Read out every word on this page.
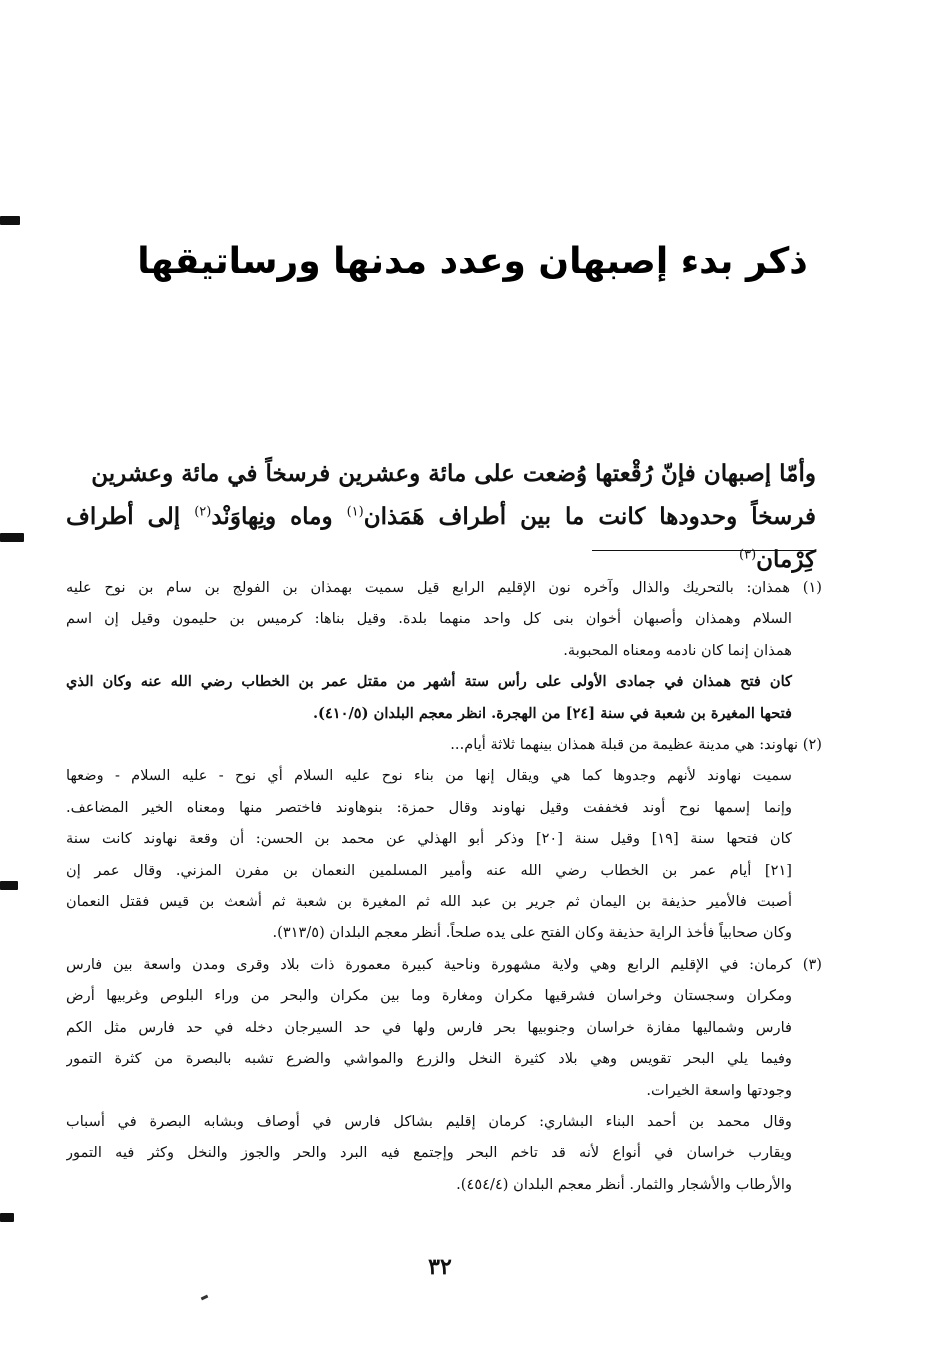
ذكر بدء إصبهان وعدد مدنها ورساتيقها
وأمّا إصبهان فإنّ رُقْعتها وُضعت على مائة وعشرين فرسخاً في مائة وعشرين
فرسخاً وحدودها كانت ما بين أطراف هَمَذان$^{(١)}$ وماه ونِهاوَنْد$^{(٢)}$ إلى أطراف كِرْمان$^{(٣)}$
(١) همذان: بالتحريك والذال وآخره نون الإقليم الرابع قيل سميت بهمذان بن الفولج بن سام بن نوح عليه
السلام وهمذان وأصبهان أخوان بنى كل واحد منهما بلدة. وقيل بناها: كرميس بن حليمون وقيل إن اسم
همذان إنما كان نادمه ومعناه المحبوبة.
كان فتح همذان في جمادى الأولى على رأس ستة أشهر من مقتل عمر بن الخطاب رضي الله عنه وكان الذي
فتحها المغيرة بن شعبة في سنة [٢٤] من الهجرة. انظر معجم البلدان (٤١٠/٥).
(٢) نهاوند: هي مدينة عظيمة من قبلة همذان بينهما ثلاثة أيام...
سميت نهاوند لأنهم وجدوها كما هي ويقال إنها من بناء نوح عليه السلام أي نوح - عليه السلام - وضعها
وإنما إسمها نوح أوند فخففت وقيل نهاوند وقال حمزة: بنوهاوند فاختصر منها ومعناه الخير المضاعف.
كان فتحها سنة [١٩] وقيل سنة [٢٠] وذكر أبو الهذلي عن محمد بن الحسن: أن وقعة نهاوند كانت سنة
[٢١] أيام عمر بن الخطاب رضي الله عنه وأمير المسلمين النعمان بن مفرن المزني. وقال عمر إن
أصبت فالأمير حذيفة بن اليمان ثم جرير بن عبد الله ثم المغيرة بن شعبة ثم أشعث بن قيس فقتل النعمان
وكان صحابياً فأخذ الراية حذيفة وكان الفتح على يده صلحاً. أنظر معجم البلدان (٣١٣/٥).
(٣) كرمان: في الإقليم الرابع وهي ولاية مشهورة وناحية كبيرة معمورة ذات بلاد وقرى ومدن واسعة بين فارس
ومكران وسجستان وخراسان فشرقيها مكران ومغارة وما بين مكران والبحر من وراء البلوص وغربيها أرض
فارس وشماليها مفازة خراسان وجنوبيها بحر فارس ولها في حد السيرجان دخله في حد فارس مثل الكم
وفيما يلي البحر تقويس وهي بلاد كثيرة النخل والزرع والمواشي والضرع تشبه بالبصرة من كثرة التمور
وجودتها واسعة الخيرات.
وقال محمد بن أحمد البناء البشاري: كرمان إقليم بشاكل فارس في أوصاف وبشابه البصرة في أسباب
ويقارب خراسان في أنواع لأنه قد تاخم البحر وإجتمع فيه البرد والحر والجوز والنخل وكثر فيه التمور
والأرطاب والأشجار والثمار. أنظر معجم البلدان (٤٥٤/٤).
٣٢
